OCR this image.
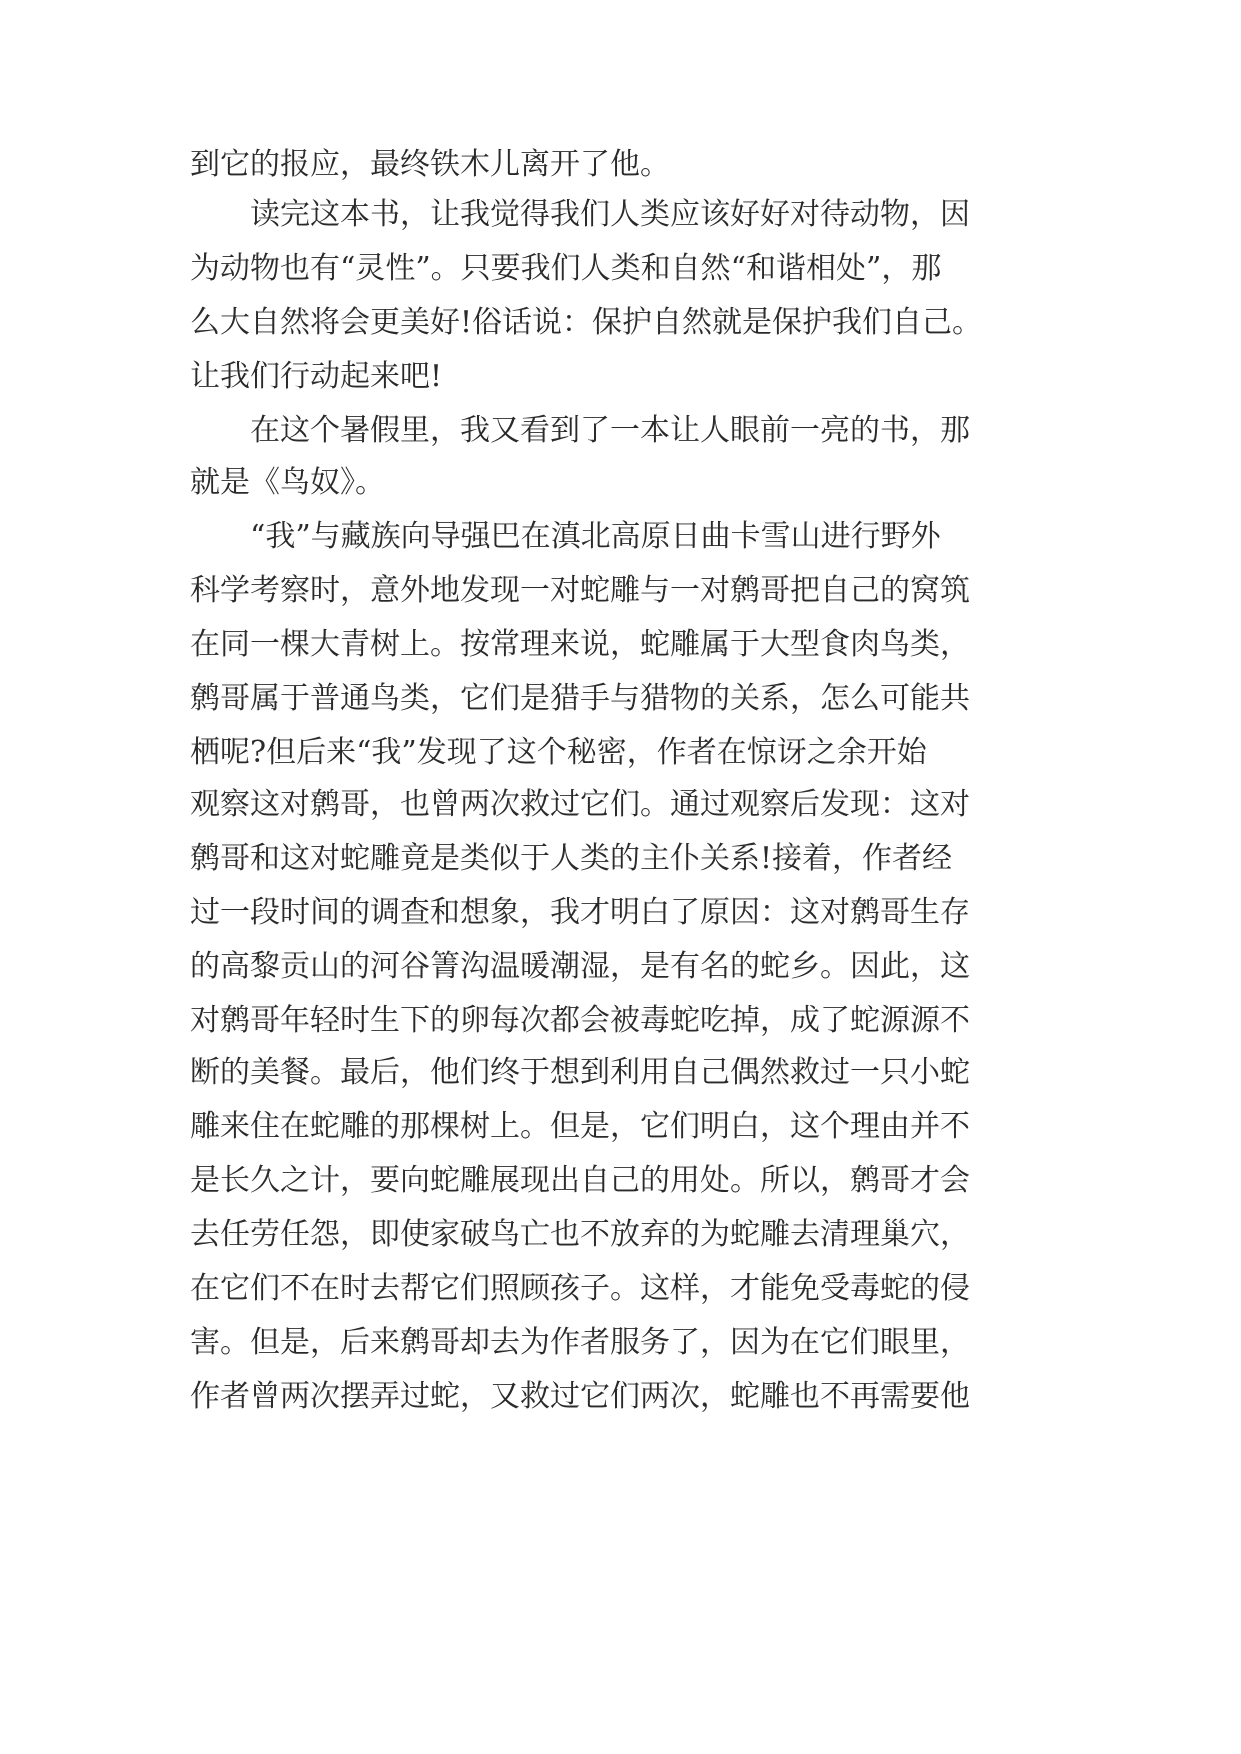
到它的报应，最终铁木儿离开了他。
　　读完这本书，让我觉得我们人类应该好好对待动物，因
为动物也有“灵性”。只要我们人类和自然“和谐相处”，那
么大自然将会更美好!俗话说：保护自然就是保护我们自己。
让我们行动起来吧!
　　在这个暑假里，我又看到了一本让人眼前一亮的书，那
就是《鸟奴》。
　　“我”与藏族向导强巴在滇北高原日曲卡雪山进行野外
科学考察时，意外地发现一对蛇雕与一对鹩哥把自己的窝筑
在同一棵大青树上。按常理来说，蛇雕属于大型食肉鸟类，
鹩哥属于普通鸟类，它们是猎手与猎物的关系，怎么可能共
栖呢?但后来“我”发现了这个秘密，作者在惊讶之余开始
观察这对鹩哥，也曾两次救过它们。通过观察后发现：这对
鹩哥和这对蛇雕竟是类似于人类的主仆关系!接着，作者经
过一段时间的调查和想象，我才明白了原因：这对鹩哥生存
的高黎贡山的河谷箐沟温暖潮湿，是有名的蛇乡。因此，这
对鹩哥年轻时生下的卵每次都会被毒蛇吃掉，成了蛇源源不
断的美餐。最后，他们终于想到利用自己偶然救过一只小蛇
雕来住在蛇雕的那棵树上。但是，它们明白，这个理由并不
是长久之计，要向蛇雕展现出自己的用处。所以，鹩哥才会
去任劳任怨，即使家破鸟亡也不放弃的为蛇雕去清理巢穴，
在它们不在时去帮它们照顾孩子。这样，才能免受毒蛇的侵
害。但是，后来鹩哥却去为作者服务了，因为在它们眼里，
作者曾两次摆弄过蛇，又救过它们两次，蛇雕也不再需要他
